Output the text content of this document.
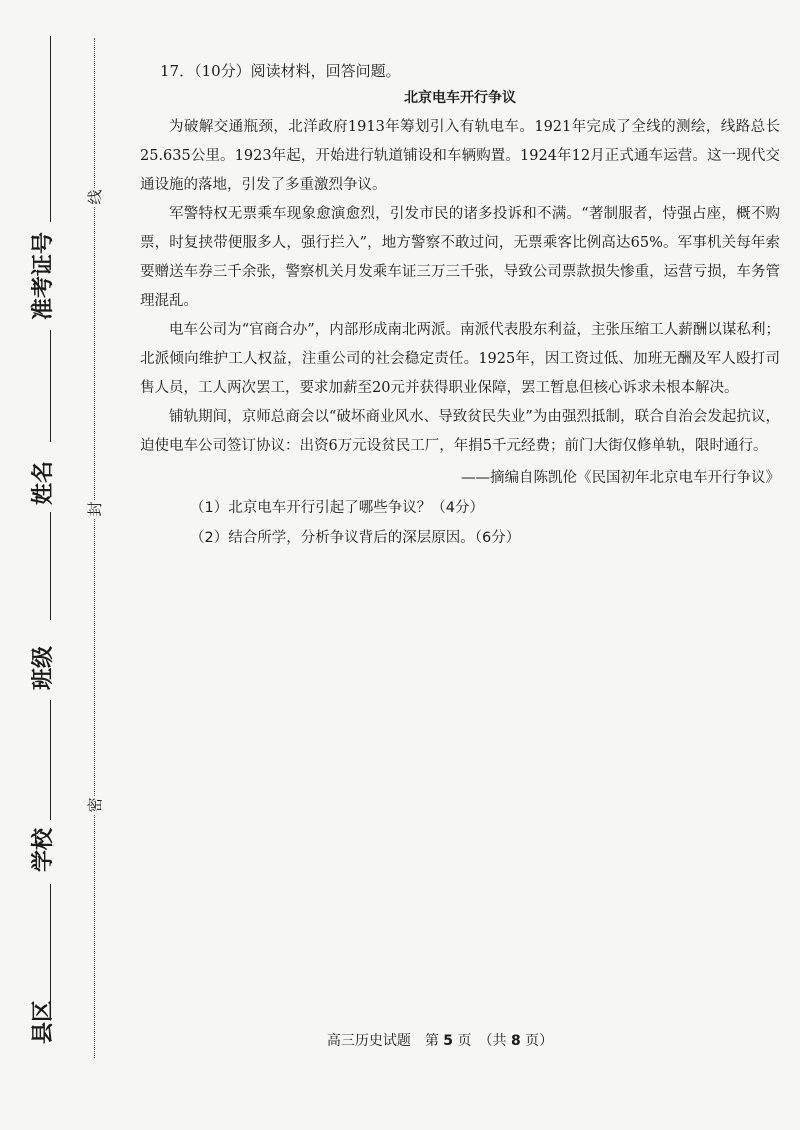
准考证号
姓名
班级
学校
县区
线
封
密

17．（10分）阅读材料，回答问题。

北京电车开行争议

为破解交通瓶颈，北洋政府1913年筹划引入有轨电车。1921年完成了全线的测绘，线路总长25.635公里。1923年起，开始进行轨道铺设和车辆购置。1924年12月正式通车运营。这一现代交通设施的落地，引发了多重激烈争议。

军警特权无票乘车现象愈演愈烈，引发市民的诸多投诉和不满。“著制服者，恃强占座，概不购票，时复挟带便服多人，强行拦入”，地方警察不敢过问，无票乘客比例高达65%。军事机关每年索要赠送车券三千余张，警察机关月发乘车证三万三千张，导致公司票款损失惨重，运营亏损，车务管理混乱。

电车公司为“官商合办”，内部形成南北两派。南派代表股东利益，主张压缩工人薪酬以谋私利；北派倾向维护工人权益，注重公司的社会稳定责任。1925年，因工资过低、加班无酬及军人殴打司售人员，工人两次罢工，要求加薪至20元并获得职业保障，罢工暂息但核心诉求未根本解决。

铺轨期间，京师总商会以“破坏商业风水、导致贫民失业”为由强烈抵制，联合自治会发起抗议，迫使电车公司签订协议：出资6万元设贫民工厂，年捐5千元经费；前门大街仅修单轨，限时通行。

——摘编自陈凯伦《民国初年北京电车开行争议》

（1）北京电车开行引起了哪些争议？（4分）

（2）结合所学，分析争议背后的深层原因。（6分）

高三历史试题　第 5 页　（共 8 页）
